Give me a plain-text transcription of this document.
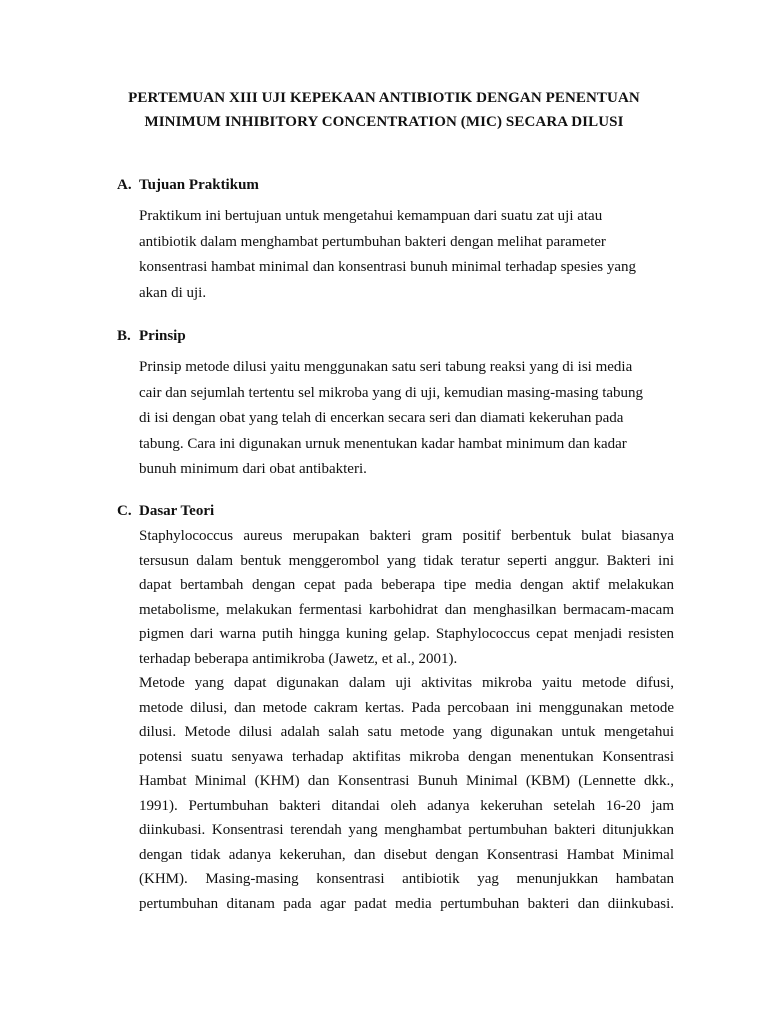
PERTEMUAN XIII UJI KEPEKAAN ANTIBIOTIK DENGAN PENENTUAN
MINIMUM INHIBITORY CONCENTRATION (MIC) SECARA DILUSI
A. Tujuan Praktikum
Praktikum ini bertujuan untuk mengetahui kemampuan dari suatu zat uji atau
antibiotik dalam menghambat pertumbuhan bakteri dengan melihat parameter
konsentrasi hambat minimal dan konsentrasi bunuh minimal terhadap spesies yang
akan di uji.
B. Prinsip
Prinsip metode dilusi yaitu menggunakan satu seri tabung reaksi yang di isi media
cair dan sejumlah tertentu sel mikroba yang di uji, kemudian masing-masing tabung
di isi dengan obat yang telah di encerkan secara seri dan diamati kekeruhan pada
tabung. Cara ini digunakan urnuk menentukan kadar hambat minimum dan kadar
bunuh minimum dari obat antibakteri.
C. Dasar Teori
Staphylococcus aureus merupakan bakteri gram positif berbentuk bulat biasanya
tersusun dalam bentuk menggerombol yang tidak teratur seperti anggur. Bakteri ini
dapat bertambah dengan cepat pada beberapa tipe media dengan aktif melakukan
metabolisme, melakukan fermentasi karbohidrat dan menghasilkan bermacam-macam
pigmen dari warna putih hingga kuning gelap. Staphylococcus cepat menjadi resisten
terhadap beberapa antimikroba (Jawetz, et al., 2001).
Metode yang dapat digunakan dalam uji aktivitas mikroba yaitu metode difusi,
metode dilusi, dan metode cakram kertas. Pada percobaan ini menggunakan metode
dilusi. Metode dilusi adalah salah satu metode yang digunakan untuk mengetahui
potensi suatu senyawa terhadap aktifitas mikroba dengan menentukan Konsentrasi
Hambat Minimal (KHM) dan Konsentrasi Bunuh Minimal (KBM) (Lennette dkk.,
1991). Pertumbuhan bakteri ditandai oleh adanya kekeruhan setelah 16-20 jam
diinkubasi. Konsentrasi terendah yang menghambat pertumbuhan bakteri ditunjukkan
dengan tidak adanya kekeruhan, dan disebut dengan Konsentrasi Hambat Minimal
(KHM). Masing-masing konsentrasi antibiotik yag menunjukkan hambatan
pertumbuhan ditanam pada agar padat media pertumbuhan bakteri dan diinkubasi.
